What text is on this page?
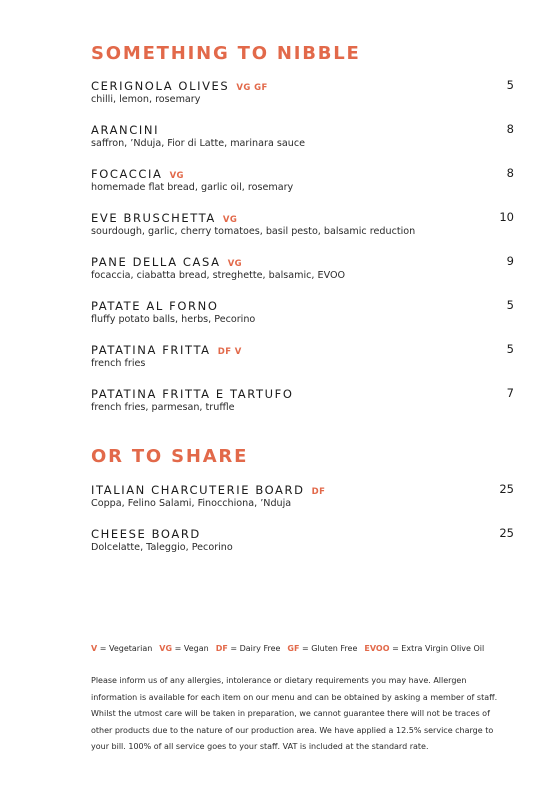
SOMETHING TO NIBBLE
CERIGNOLA OLIVES VG GF	5
chilli, lemon, rosemary
ARANCINI	8
saffron, ’Nduja, Fior di Latte, marinara sauce
FOCACCIA VG	8
homemade flat bread, garlic oil, rosemary
EVE BRUSCHETTA VG	10
sourdough, garlic, cherry tomatoes, basil pesto, balsamic reduction
PANE DELLA CASA VG	9
focaccia, ciabatta bread, streghette, balsamic, EVOO
PATATE AL FORNO	5
fluffy potato balls, herbs, Pecorino
PATATINA FRITTA DF V	5
french fries
PATATINA FRITTA E TARTUFO	7
french fries, parmesan, truffle
OR TO SHARE
ITALIAN CHARCUTERIE BOARD DF	25
Coppa, Felino Salami, Finocchiona, ’Nduja
CHEESE BOARD	25
Dolcelatte, Taleggio, Pecorino
V = Vegetarian VG = Vegan DF = Dairy Free GF = Gluten Free EVOO = Extra Virgin Olive Oil

Please inform us of any allergies, intolerance or dietary requirements you may have. Allergen information is available for each item on our menu and can be obtained by asking a member of staff. Whilst the utmost care will be taken in preparation, we cannot guarantee there will not be traces of other products due to the nature of our production area. We have applied a 12.5% service charge to your bill. 100% of all service goes to your staff. VAT is included at the standard rate.
